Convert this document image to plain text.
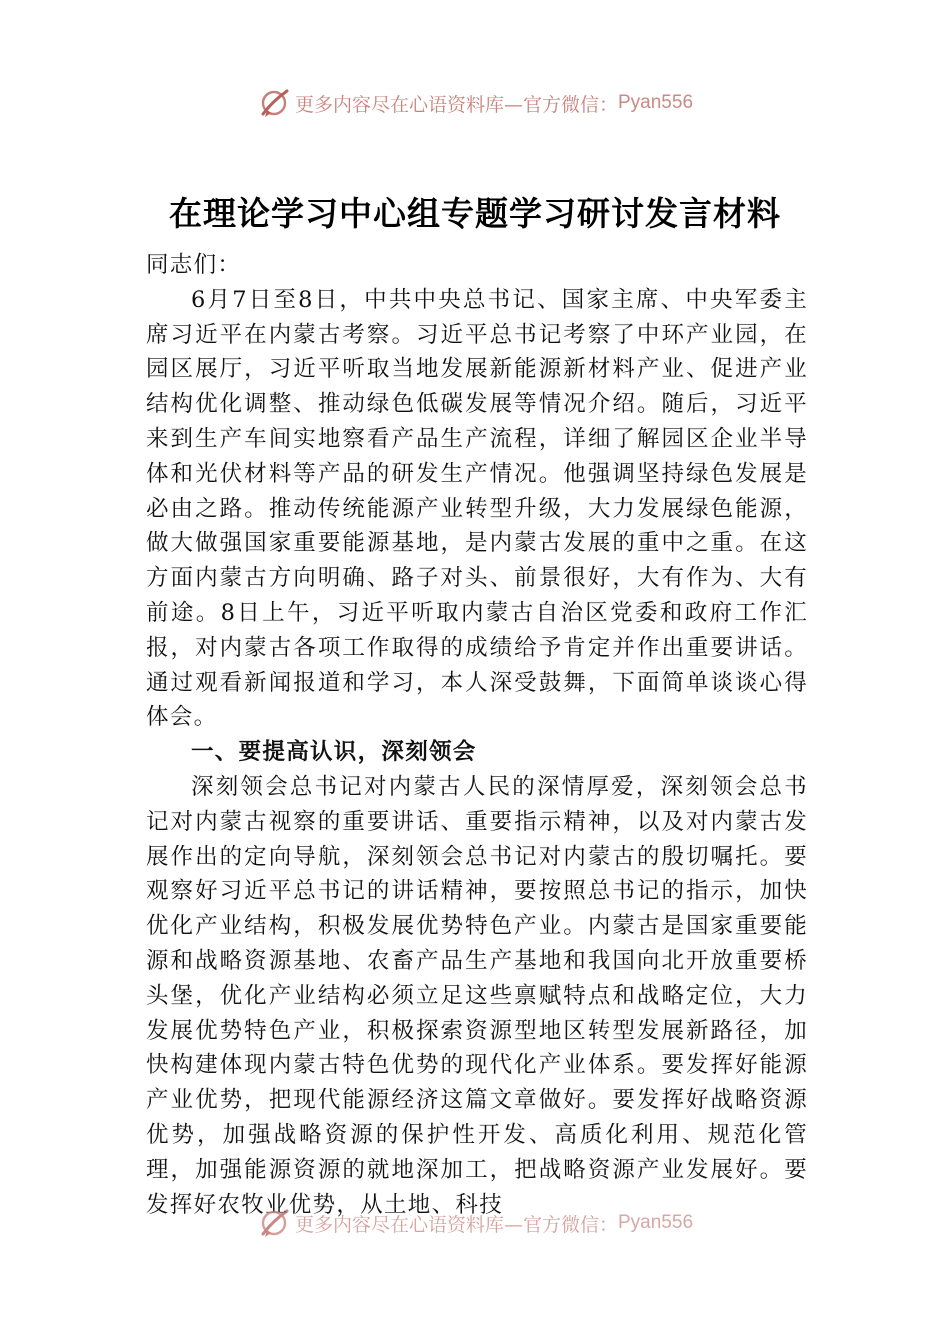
更多内容尽在心语资料库—官方微信： Pyan556
在理论学习中心组专题学习研讨发言材料

同志们：

6月7日至8日，中共中央总书记、国家主席、中央军委主席习近平在内蒙古考察。习近平总书记考察了中环产业园，在园区展厅，习近平听取当地发展新能源新材料产业、促进产业结构优化调整、推动绿色低碳发展等情况介绍。随后，习近平来到生产车间实地察看产品生产流程，详细了解园区企业半导体和光伏材料等产品的研发生产情况。他强调坚持绿色发展是必由之路。推动传统能源产业转型升级，大力发展绿色能源，做大做强国家重要能源基地，是内蒙古发展的重中之重。在这方面内蒙古方向明确、路子对头、前景很好，大有作为、大有前途。8日上午，习近平听取内蒙古自治区党委和政府工作汇报，对内蒙古各项工作取得的成绩给予肯定并作出重要讲话。通过观看新闻报道和学习，本人深受鼓舞，下面简单谈谈心得体会。

一、要提高认识，深刻领会

深刻领会总书记对内蒙古人民的深情厚爱，深刻领会总书记对内蒙古视察的重要讲话、重要指示精神，以及对内蒙古发展作出的定向导航，深刻领会总书记对内蒙古的殷切嘱托。要观察好习近平总书记的讲话精神，要按照总书记的指示，加快优化产业结构，积极发展优势特色产业。内蒙古是国家重要能源和战略资源基地、农畜产品生产基地和我国向北开放重要桥头堡，优化产业结构必须立足这些禀赋特点和战略定位，大力发展优势特色产业，积极探索资源型地区转型发展新路径，加快构建体现内蒙古特色优势的现代化产业体系。要发挥好能源产业优势，把现代能源经济这篇文章做好。要发挥好战略资源优势，加强战略资源的保护性开发、高质化利用、规范化管理，加强能源资源的就地深加工，把战略资源产业发展好。要发挥好农牧业优势，从土地、科技

更多内容尽在心语资料库—官方微信： Pyan556
